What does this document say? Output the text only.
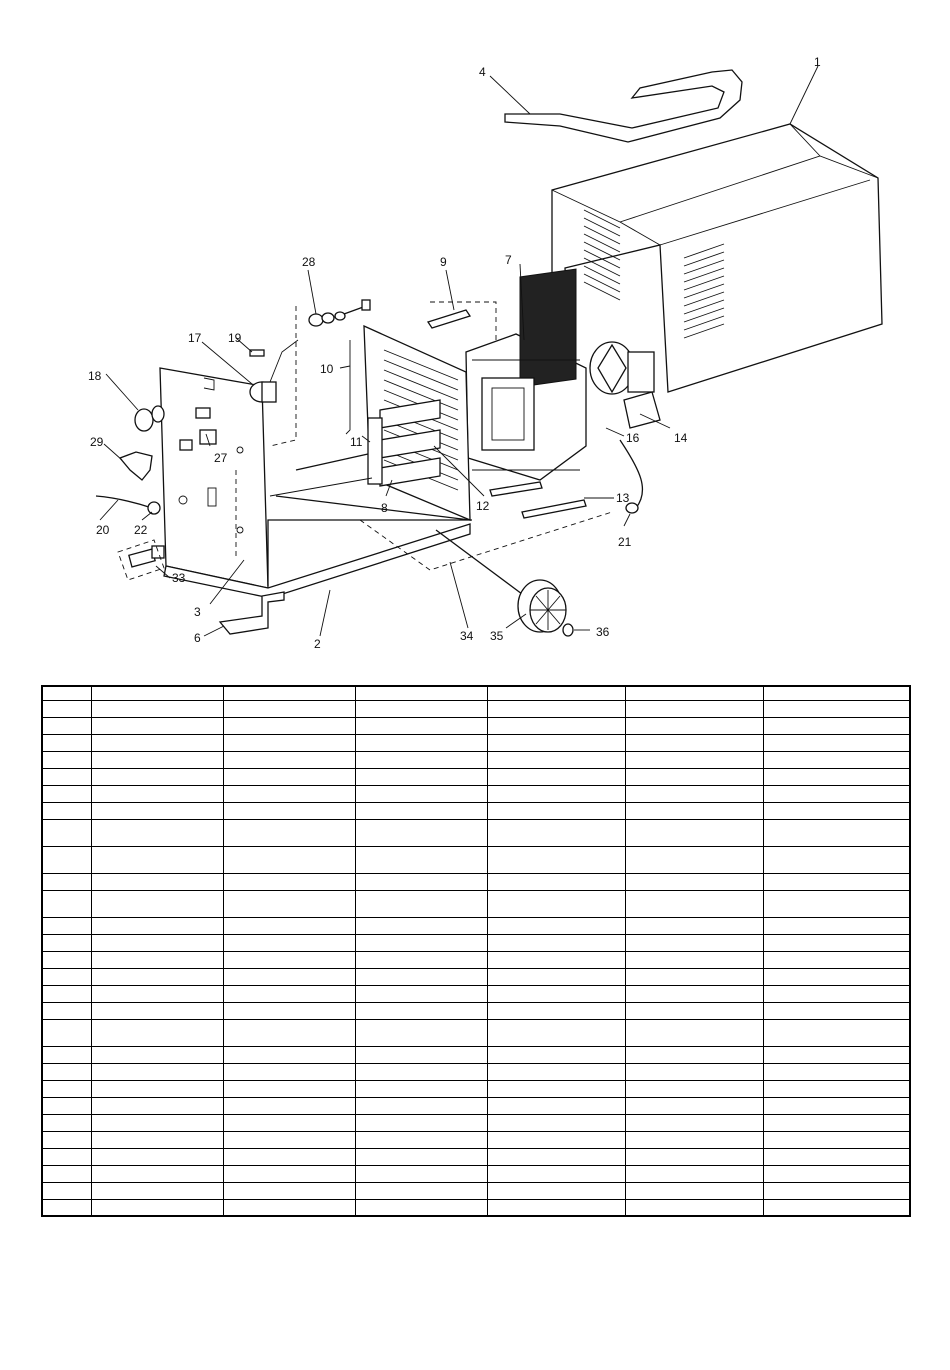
1
2
3
4
6
7
8
9
10
11
12
13
14
16
17
18
19
20
21
22
27
28
29
33
34 35	36
